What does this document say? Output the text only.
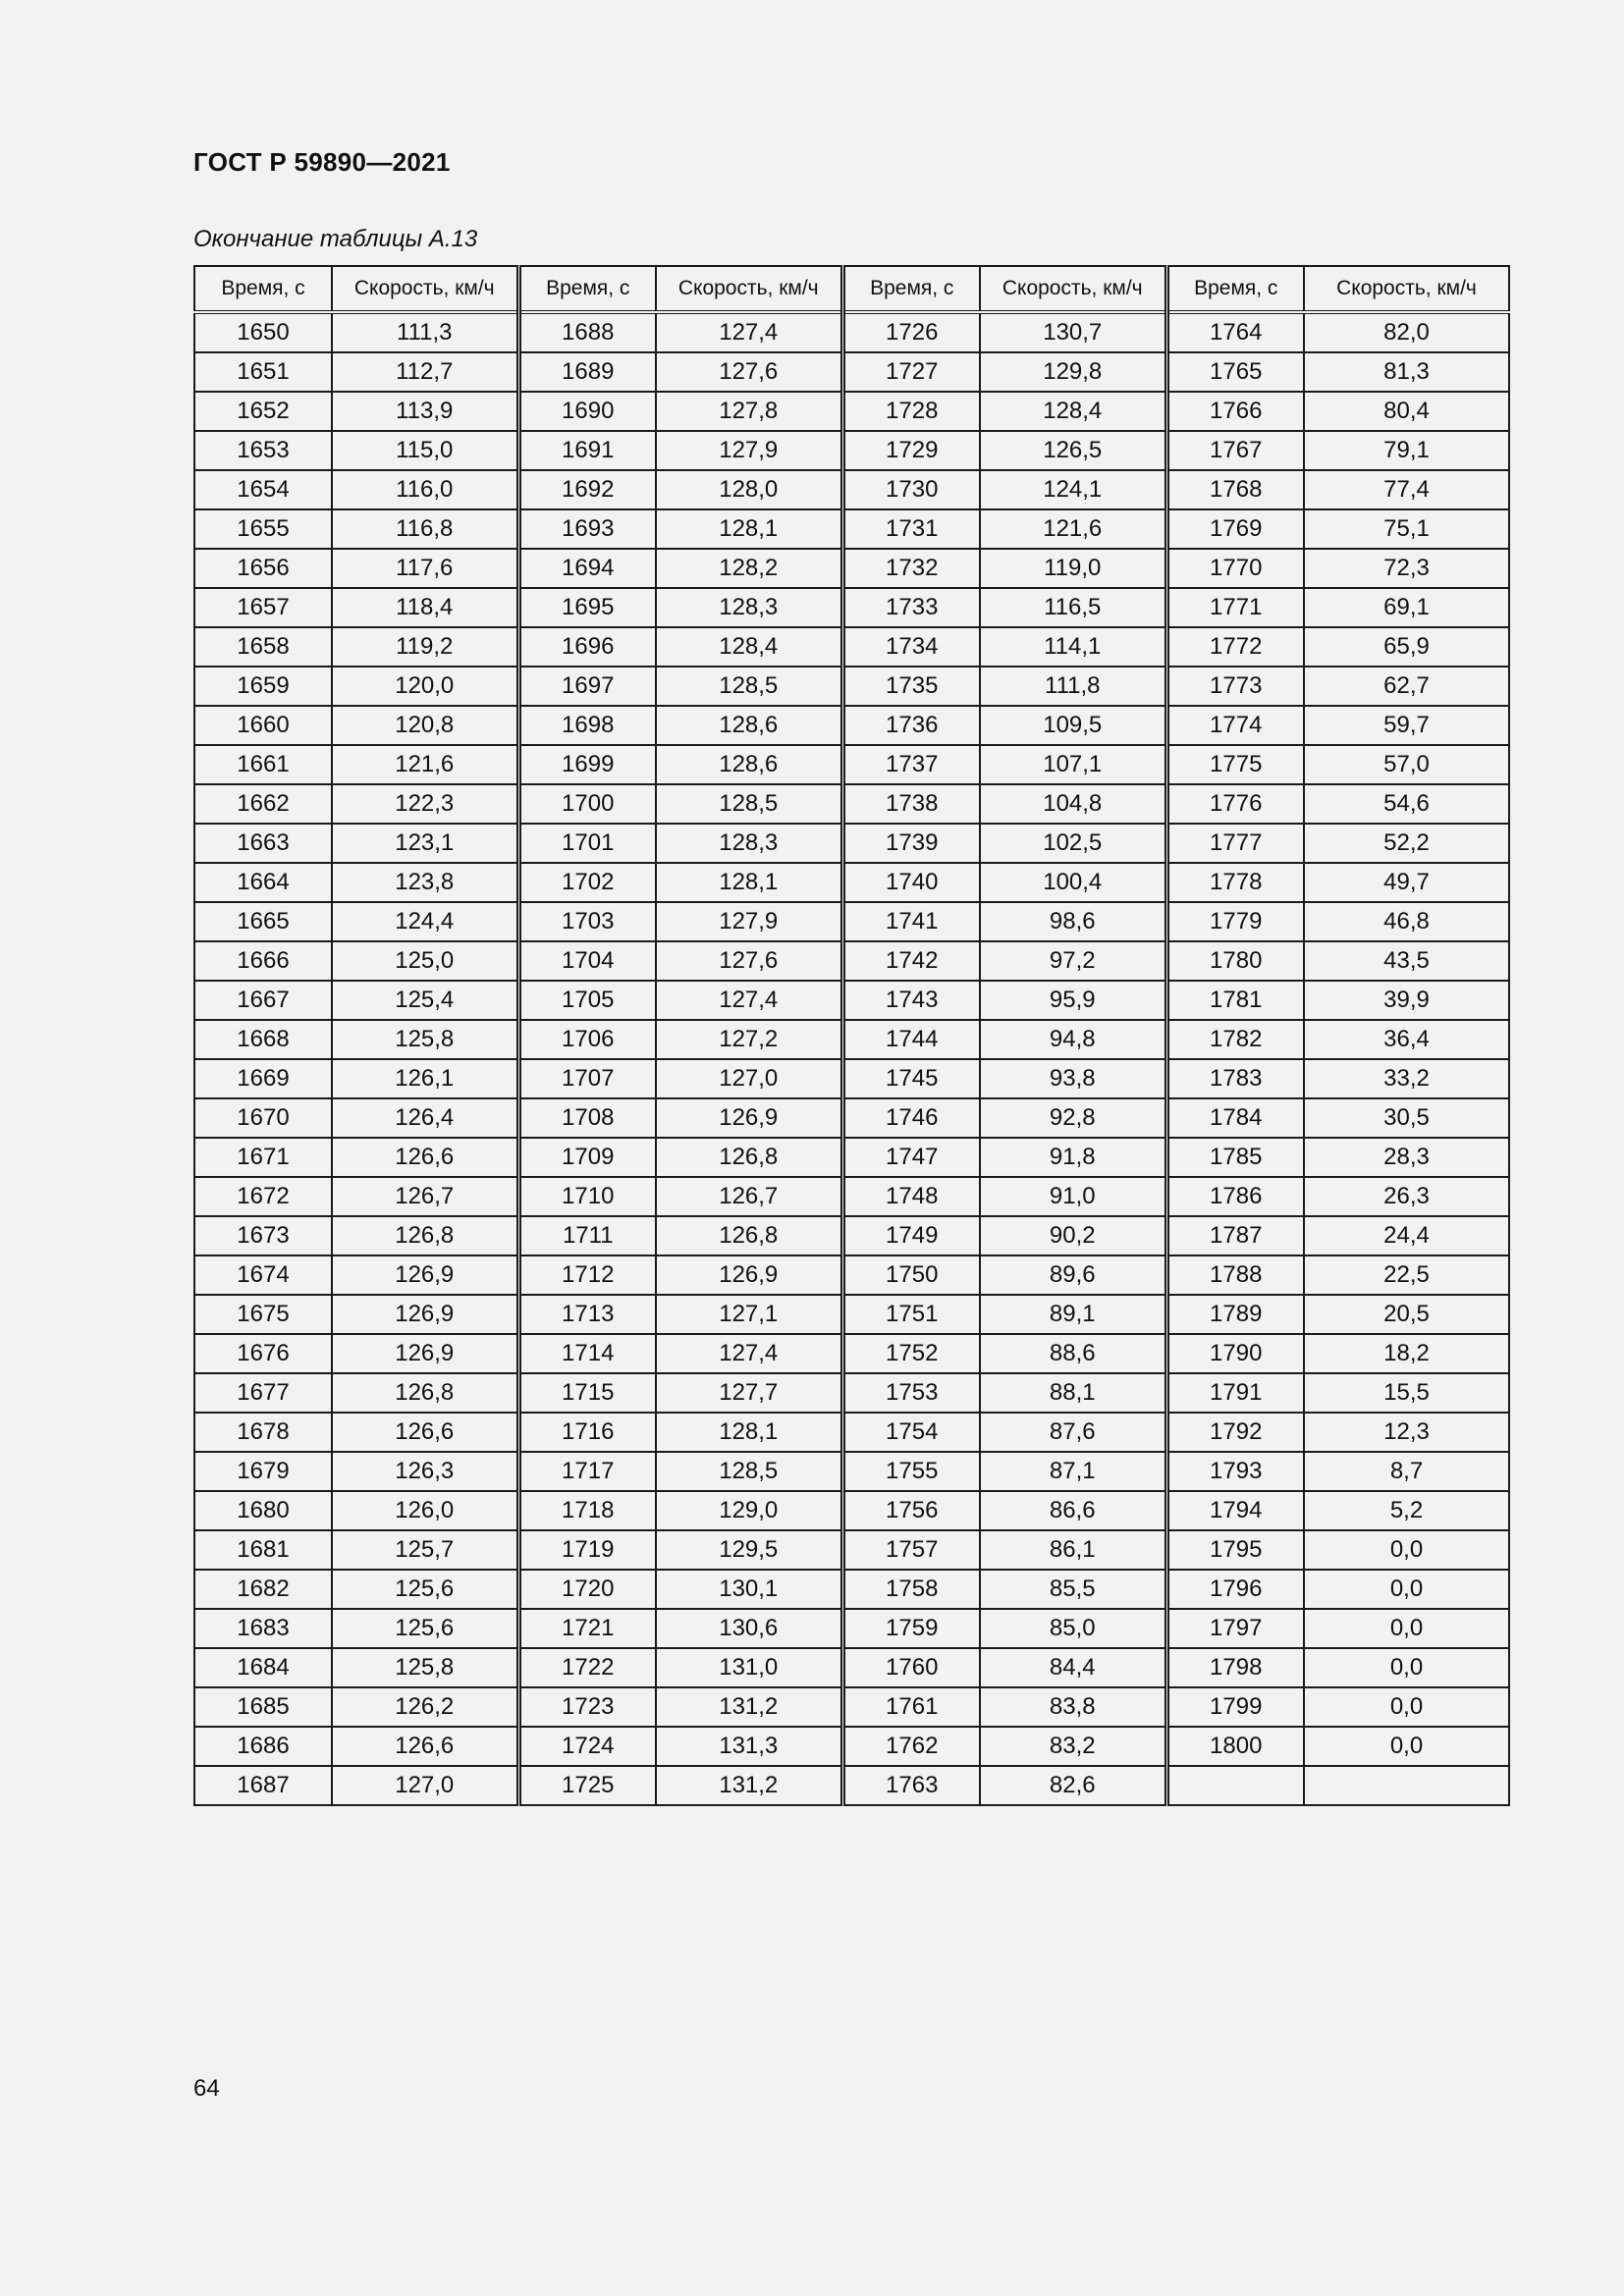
ГОСТ Р 59890—2021
Окончание таблицы А.13
Время, с	Скорость, км/ч	Время, с	Скорость, км/ч	Время, с	Скорость, км/ч	Время, с	Скорость, км/ч
1650	111,3	1688	127,4	1726	130,7	1764	82,0
1651	112,7	1689	127,6	1727	129,8	1765	81,3
1652	113,9	1690	127,8	1728	128,4	1766	80,4
1653	115,0	1691	127,9	1729	126,5	1767	79,1
1654	116,0	1692	128,0	1730	124,1	1768	77,4
1655	116,8	1693	128,1	1731	121,6	1769	75,1
1656	117,6	1694	128,2	1732	119,0	1770	72,3
1657	118,4	1695	128,3	1733	116,5	1771	69,1
1658	119,2	1696	128,4	1734	114,1	1772	65,9
1659	120,0	1697	128,5	1735	111,8	1773	62,7
1660	120,8	1698	128,6	1736	109,5	1774	59,7
1661	121,6	1699	128,6	1737	107,1	1775	57,0
1662	122,3	1700	128,5	1738	104,8	1776	54,6
1663	123,1	1701	128,3	1739	102,5	1777	52,2
1664	123,8	1702	128,1	1740	100,4	1778	49,7
1665	124,4	1703	127,9	1741	98,6	1779	46,8
1666	125,0	1704	127,6	1742	97,2	1780	43,5
1667	125,4	1705	127,4	1743	95,9	1781	39,9
1668	125,8	1706	127,2	1744	94,8	1782	36,4
1669	126,1	1707	127,0	1745	93,8	1783	33,2
1670	126,4	1708	126,9	1746	92,8	1784	30,5
1671	126,6	1709	126,8	1747	91,8	1785	28,3
1672	126,7	1710	126,7	1748	91,0	1786	26,3
1673	126,8	1711	126,8	1749	90,2	1787	24,4
1674	126,9	1712	126,9	1750	89,6	1788	22,5
1675	126,9	1713	127,1	1751	89,1	1789	20,5
1676	126,9	1714	127,4	1752	88,6	1790	18,2
1677	126,8	1715	127,7	1753	88,1	1791	15,5
1678	126,6	1716	128,1	1754	87,6	1792	12,3
1679	126,3	1717	128,5	1755	87,1	1793	8,7
1680	126,0	1718	129,0	1756	86,6	1794	5,2
1681	125,7	1719	129,5	1757	86,1	1795	0,0
1682	125,6	1720	130,1	1758	85,5	1796	0,0
1683	125,6	1721	130,6	1759	85,0	1797	0,0
1684	125,8	1722	131,0	1760	84,4	1798	0,0
1685	126,2	1723	131,2	1761	83,8	1799	0,0
1686	126,6	1724	131,3	1762	83,2	1800	0,0
1687	127,0	1725	131,2	1763	82,6		
64
